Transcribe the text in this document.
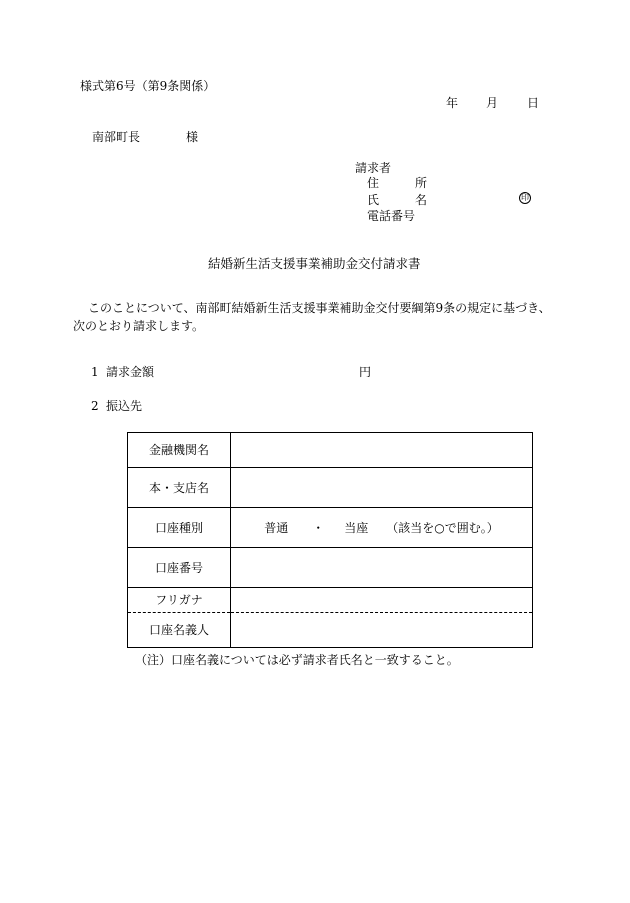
様式第6号（第9条関係）
年 月 日
南部町長	様
請求者
住	所
氏	名	印
電話番号
結婚新生活支援事業補助金交付請求書
このことについて、南部町結婚新生活支援事業補助金交付要綱第9条の規定に基づき、
次のとおり請求します。
1 請求金額	円
2 振込先
金融機関名	
本・支店名	
口座種別	普通 ・ 当座 （該当を○で囲む。）

口座番号	
フリガナ	
口座名義人	
（注）口座名義については必ず請求者氏名と一致すること。
